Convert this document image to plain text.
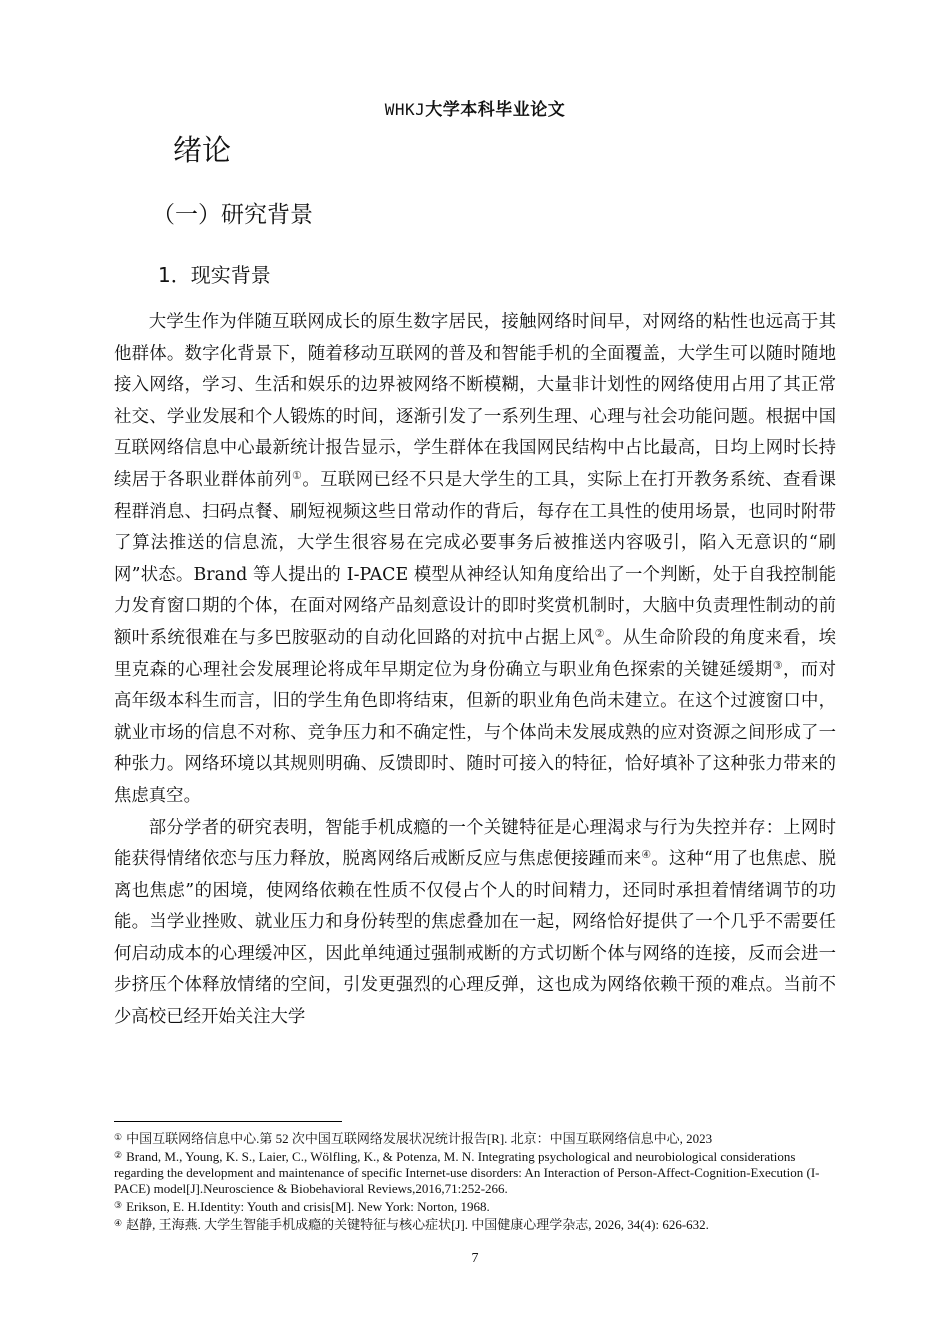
WHKJ大学本科毕业论文
绪论
（一）研究背景
1．现实背景

大学生作为伴随互联网成长的原生数字居民，接触网络时间早，对网络的粘性也远高于其他群体。数字化背景下，随着移动互联网的普及和智能手机的全面覆盖，大学生可以随时随地接入网络，学习、生活和娱乐的边界被网络不断模糊，大量非计划性的网络使用占用了其正常社交、学业发展和个人锻炼的时间，逐渐引发了一系列生理、心理与社会功能问题。根据中国互联网络信息中心最新统计报告显示，学生群体在我国网民结构中占比最高，日均上网时长持续居于各职业群体前列①。互联网已经不只是大学生的工具，实际上在打开教务系统、查看课程群消息、扫码点餐、刷短视频这些日常动作的背后，每存在工具性的使用场景，也同时附带了算法推送的信息流，大学生很容易在完成必要事务后被推送内容吸引，陷入无意识的“刷网”状态。Brand 等人提出的 I-PACE 模型从神经认知角度给出了一个判断，处于自我控制能力发育窗口期的个体，在面对网络产品刻意设计的即时奖赏机制时，大脑中负责理性制动的前额叶系统很难在与多巴胺驱动的自动化回路的对抗中占据上风②。从生命阶段的角度来看，埃里克森的心理社会发展理论将成年早期定位为身份确立与职业角色探索的关键延缓期③，而对高年级本科生而言，旧的学生角色即将结束，但新的职业角色尚未建立。在这个过渡窗口中，就业市场的信息不对称、竞争压力和不确定性，与个体尚未发展成熟的应对资源之间形成了一种张力。网络环境以其规则明确、反馈即时、随时可接入的特征，恰好填补了这种张力带来的焦虑真空。

部分学者的研究表明，智能手机成瘾的一个关键特征是心理渴求与行为失控并存：上网时能获得情绪依恋与压力释放，脱离网络后戒断反应与焦虑便接踵而来④。这种“用了也焦虑、脱离也焦虑”的困境，使网络依赖在性质不仅侵占个人的时间精力，还同时承担着情绪调节的功能。当学业挫败、就业压力和身份转型的焦虑叠加在一起，网络恰好提供了一个几乎不需要任何启动成本的心理缓冲区，因此单纯通过强制戒断的方式切断个体与网络的连接，反而会进一步挤压个体释放情绪的空间，引发更强烈的心理反弹，这也成为网络依赖干预的难点。当前不少高校已经开始关注大学

① 中国互联网络信息中心.第 52 次中国互联网络发展状况统计报告[R]. 北京：中国互联网络信息中心, 2023

② Brand, M., Young, K. S., Laier, C., Wölfling, K., & Potenza, M. N. Integrating psychological and neurobiological considerations regarding the development and maintenance of specific Internet-use disorders: An Interaction of Person-Affect-Cognition-Execution (I-PACE) model[J].Neuroscience & Biobehavioral Reviews,2016,71:252-266.

③ Erikson, E. H.Identity: Youth and crisis[M]. New York: Norton, 1968.

④ 赵静, 王海燕. 大学生智能手机成瘾的关键特征与核心症状[J]. 中国健康心理学杂志, 2026, 34(4): 626-632.

7
